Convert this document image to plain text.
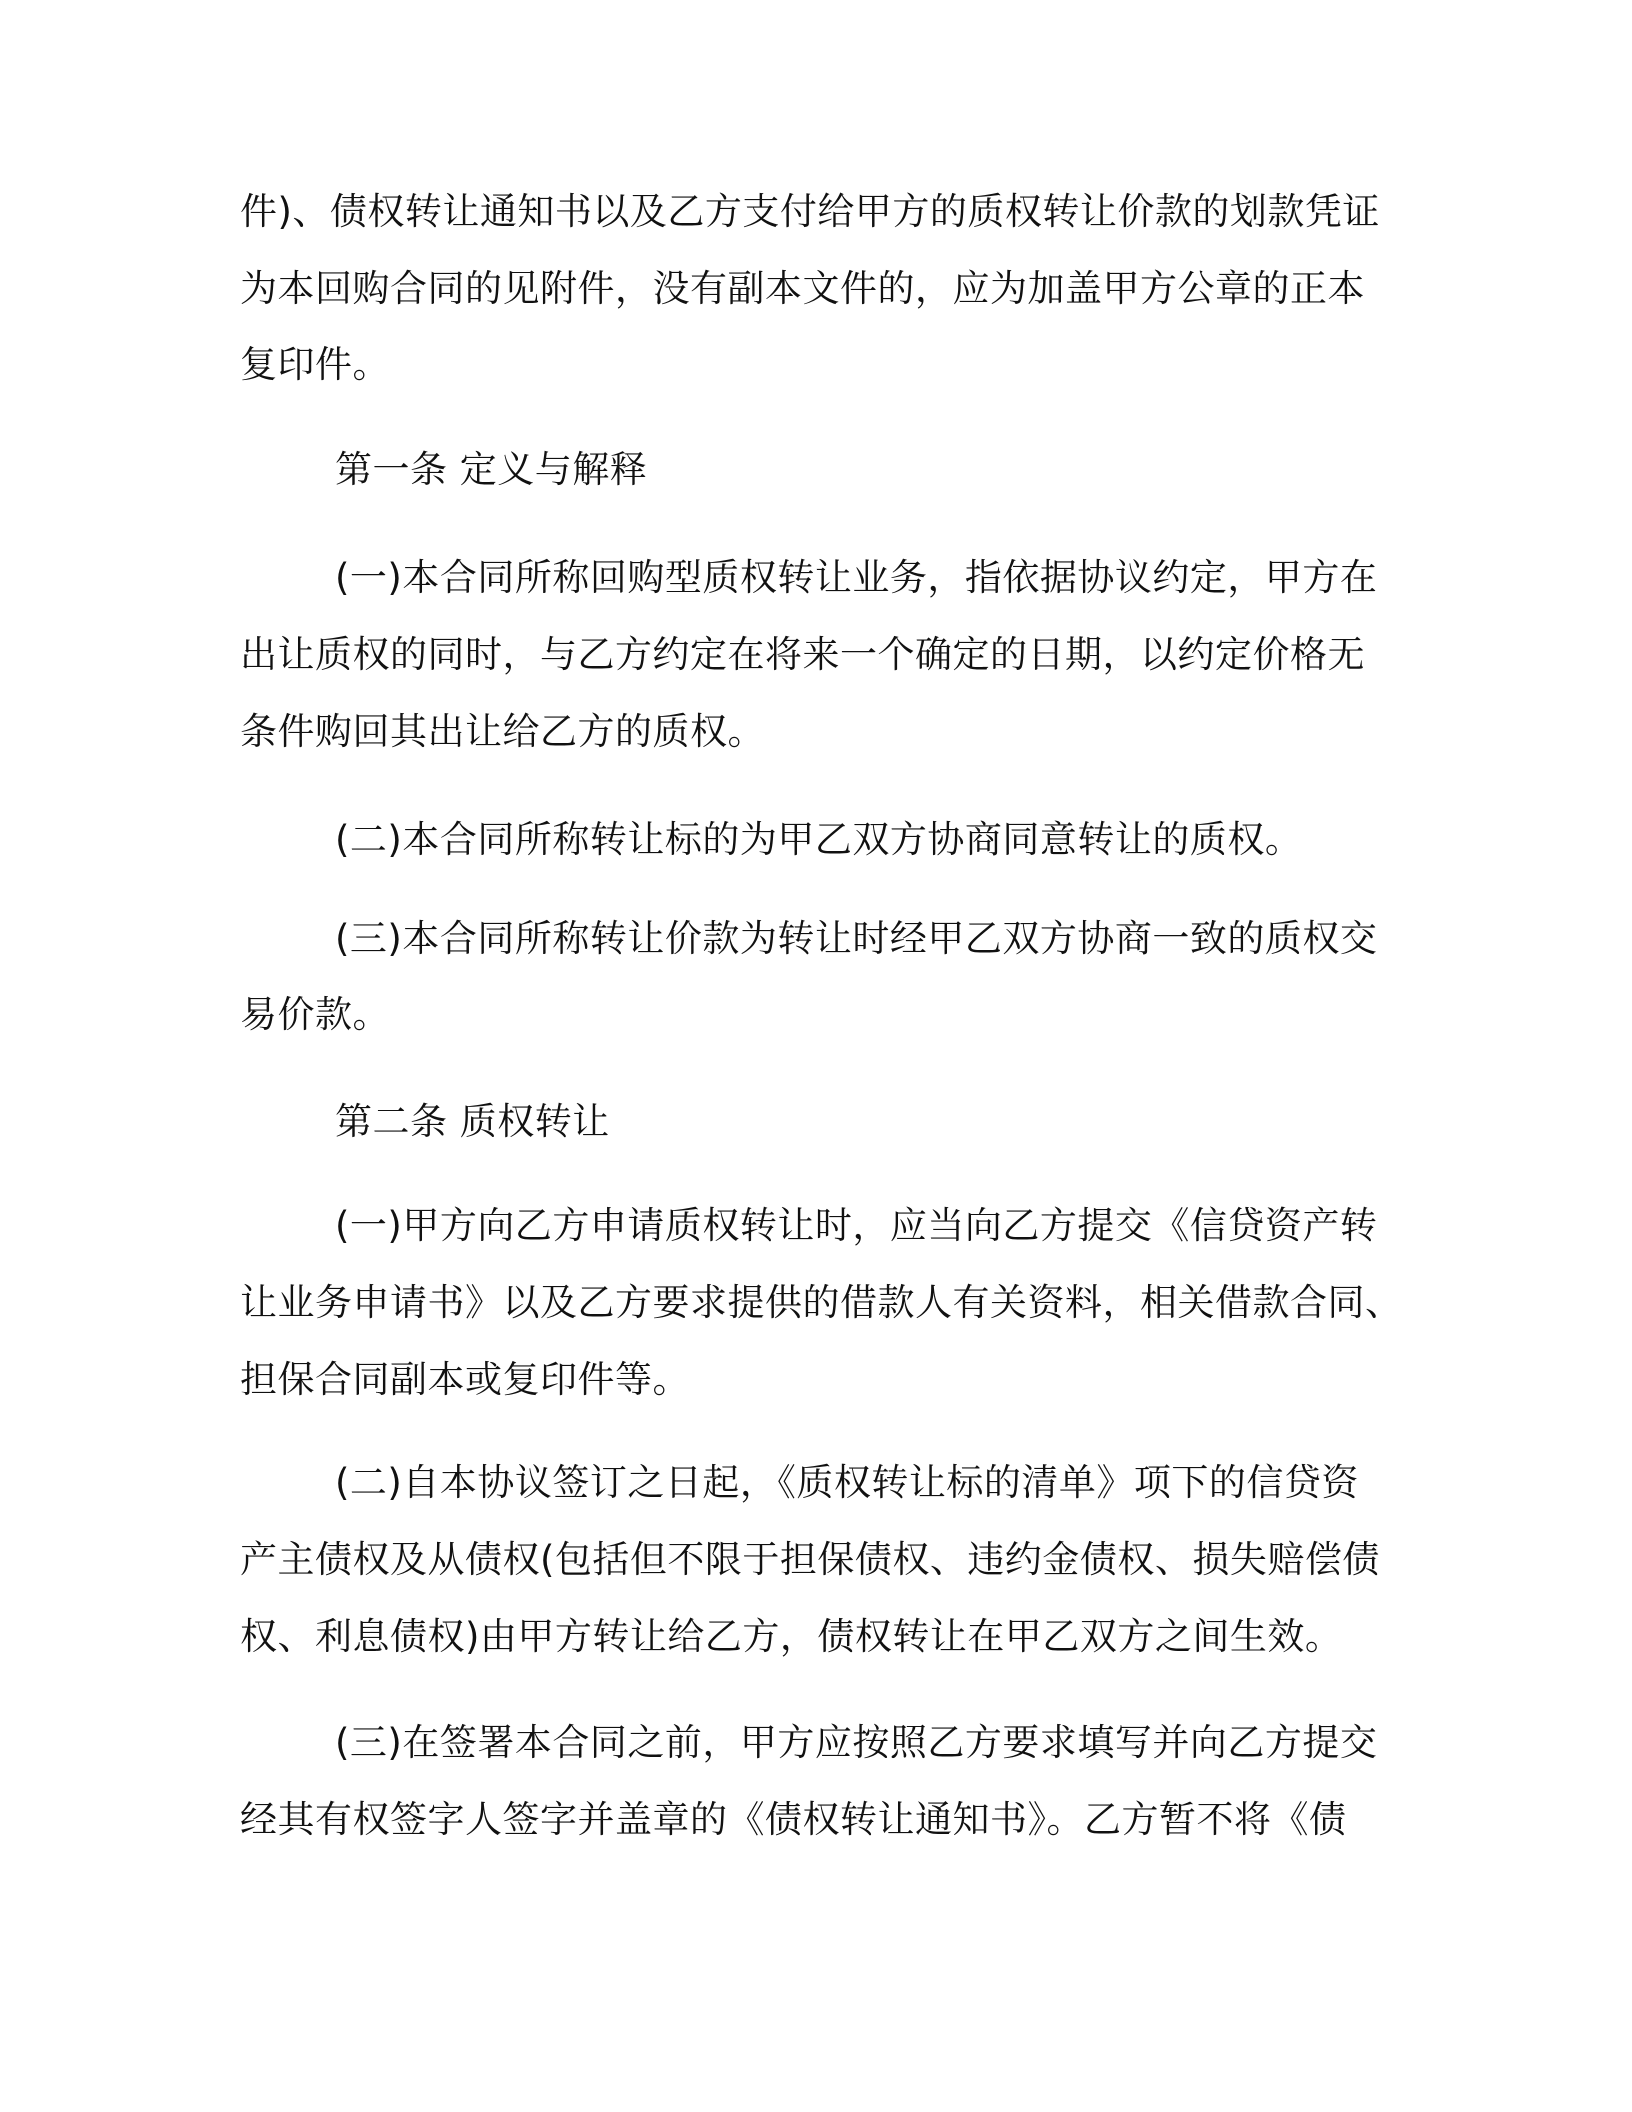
件)、债权转让通知书以及乙方支付给甲方的质权转让价款的划款凭证
为本回购合同的见附件，没有副本文件的，应为加盖甲方公章的正本
复印件。
第一条 定义与解释
(一)本合同所称回购型质权转让业务，指依据协议约定，甲方在
出让质权的同时，与乙方约定在将来一个确定的日期，以约定价格无
条件购回其出让给乙方的质权。
(二)本合同所称转让标的为甲乙双方协商同意转让的质权。
(三)本合同所称转让价款为转让时经甲乙双方协商一致的质权交
易价款。
第二条 质权转让
(一)甲方向乙方申请质权转让时，应当向乙方提交《信贷资产转
让业务申请书》以及乙方要求提供的借款人有关资料，相关借款合同、
担保合同副本或复印件等。
(二)自本协议签订之日起，《质权转让标的清单》项下的信贷资
产主债权及从债权(包括但不限于担保债权、违约金债权、损失赔偿债
权、利息债权)由甲方转让给乙方，债权转让在甲乙双方之间生效。
(三)在签署本合同之前，甲方应按照乙方要求填写并向乙方提交
经其有权签字人签字并盖章的《债权转让通知书》。乙方暂不将《债
